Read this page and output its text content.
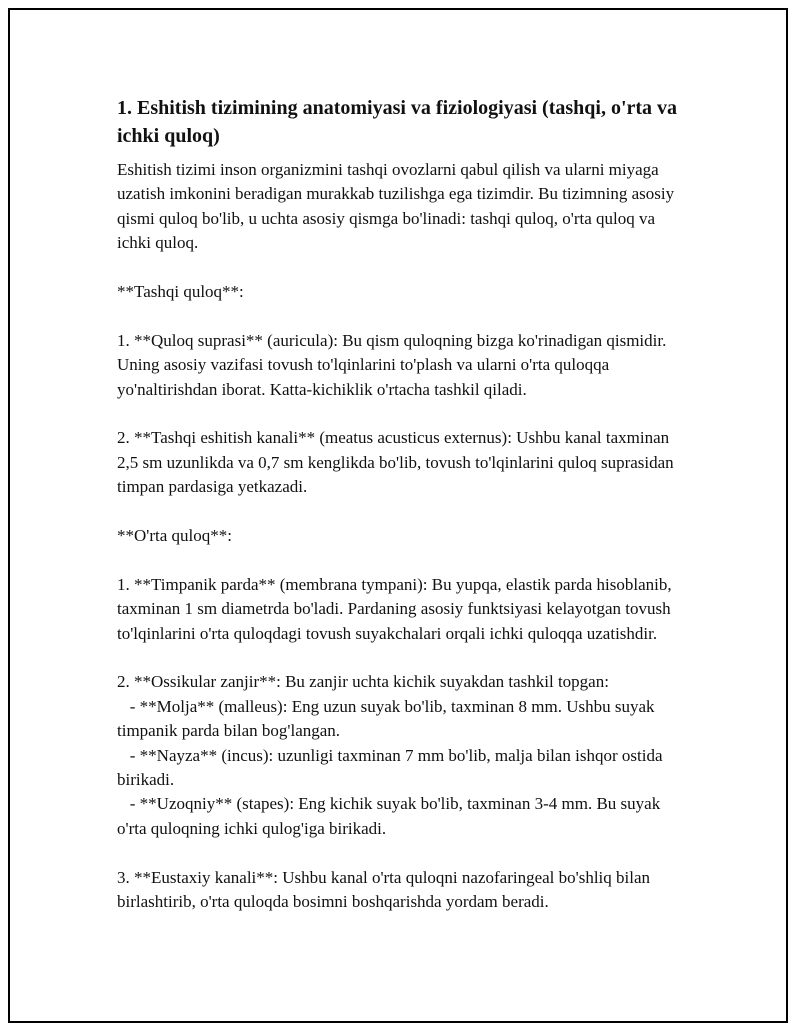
1. Eshitish tizimining anatomiyasi va fiziologiyasi (tashqi, o'rta va ichki quloq)

Eshitish tizimi inson organizmini tashqi ovozlarni qabul qilish va ularni miyaga uzatish imkonini beradigan murakkab tuzilishga ega tizimdir. Bu tizimning asosiy qismi quloq bo'lib, u uchta asosiy qismga bo'linadi: tashqi quloq, o'rta quloq va ichki quloq.

**Tashqi quloq**:

1. **Quloq suprasi** (auricula): Bu qism quloqning bizga ko'rinadigan qismidir. Uning asosiy vazifasi tovush to'lqinlarini to'plash va ularni o'rta quloqqa yo'naltirishdan iborat. Katta-kichiklik o'rtacha tashkil qiladi.

2. **Tashqi eshitish kanali** (meatus acusticus externus): Ushbu kanal taxminan 2,5 sm uzunlikda va 0,7 sm kenglikda bo'lib, tovush to'lqinlarini quloq suprasidan timpan pardasiga yetkazadi.

**O'rta quloq**:

1. **Timpanik parda** (membrana tympani): Bu yupqa, elastik parda hisoblanib, taxminan 1 sm diametrda bo'ladi. Pardaning asosiy funktsiyasi kelayotgan tovush to'lqinlarini o'rta quloqdagi tovush suyakchalari orqali ichki quloqqa uzatishdir.

2. **Ossikular zanjir**: Bu zanjir uchta kichik suyakdan tashkil topgan:

- **Molja** (malleus): Eng uzun suyak bo'lib, taxminan 8 mm. Ushbu suyak timpanik parda bilan bog'langan.

- **Nayza** (incus): uzunligi taxminan 7 mm bo'lib, malja bilan ishqor ostida birikadi.

- **Uzoqniy** (stapes): Eng kichik suyak bo'lib, taxminan 3-4 mm. Bu suyak o'rta quloqning ichki qulog'iga birikadi.

3. **Eustaxiy kanali**: Ushbu kanal o'rta quloqni nazofaringeal bo'shliq bilan birlashtirib, o'rta quloqda bosimni boshqarishda yordam beradi.
